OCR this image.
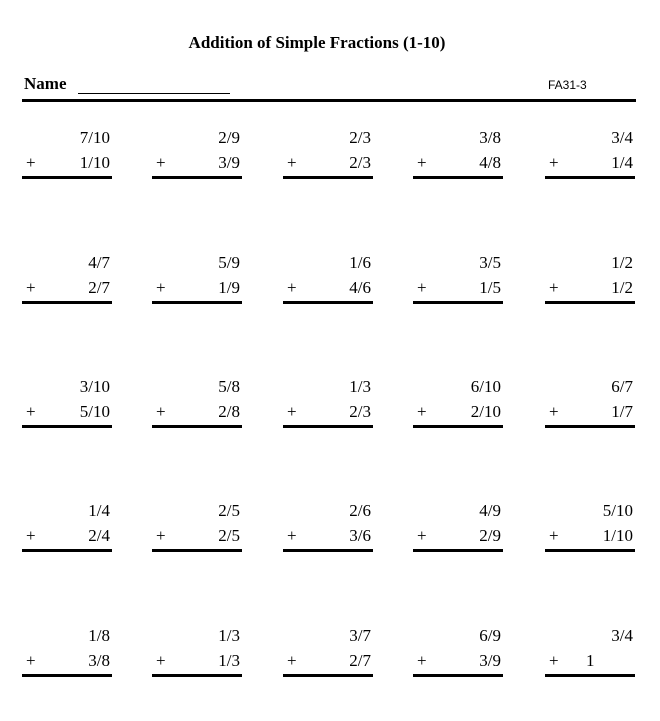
Addition of Simple Fractions (1-10)
Name	FA31-3
7/10
+	1/10
2/9
+	3/9
2/3
+	2/3
3/8
+	4/8
3/4
+	1/4
4/7
+	2/7
5/9
+	1/9
1/6
+	4/6
3/5
+	1/5
1/2
+	1/2
3/10
+	5/10
5/8
+	2/8
1/3
+	2/3
6/10
+	2/10
6/7
+	1/7
1/4
+	2/4
2/5
+	2/5
2/6
+	3/6
4/9
+	2/9
5/10
+	1/10
1/8
+	3/8
1/3
+	1/3
3/7
+	2/7
6/9
+	3/9
3/4
+ 1
